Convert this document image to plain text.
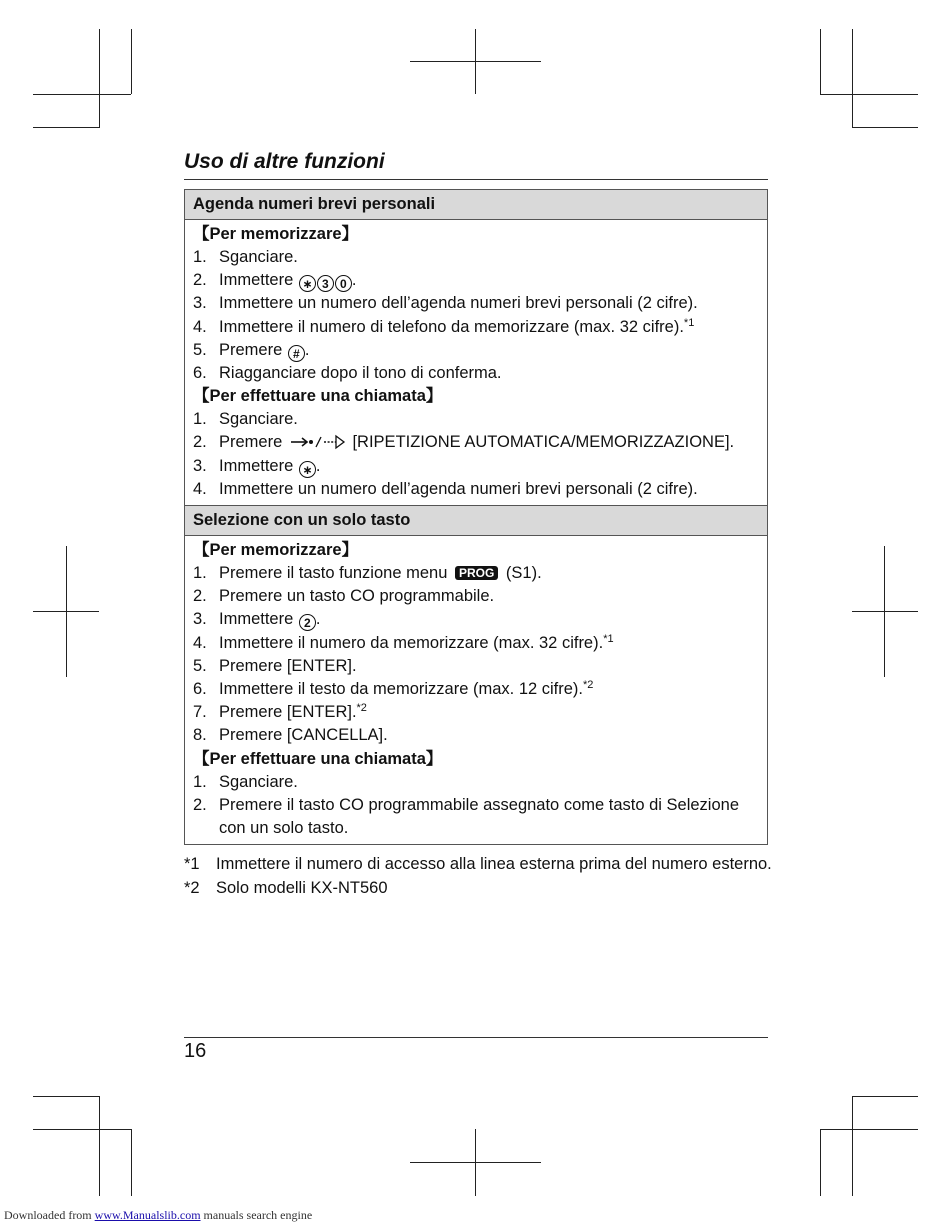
Uso di altre funzioni
Agenda numeri brevi personali
【Per memorizzare】
1. Sganciare.
2. Immettere ∗ 3 0 .
3. Immettere un numero dell’agenda numeri brevi personali (2 cifre).
4. Immettere il numero di telefono da memorizzare (max. 32 cifre).$^{*1}$
5. Premere # .
6. Riagganciare dopo il tono di conferma.
【Per effettuare una chiamata】
1. Sganciare.
2. Premere	[RIPETIZIONE AUTOMATICA/MEMORIZZAZIONE].
3. Immettere ∗ .
4. Immettere un numero dell’agenda numeri brevi personali (2 cifre).
Selezione con un solo tasto
【Per memorizzare】
1. Premere il tasto funzione menu PROG (S1).
2. Premere un tasto CO programmabile.
3. Immettere 2 .
4. Immettere il numero da memorizzare (max. 32 cifre).$^{*1}$
5. Premere [ENTER].
6. Immettere il testo da memorizzare (max. 12 cifre).$^{*2}$
7. Premere [ENTER].$^{*2}$
8. Premere [CANCELLA].
【Per effettuare una chiamata】
1. Sganciare.
2. Premere il tasto CO programmabile assegnato come tasto di Selezione con un solo tasto.
*1 Immettere il numero di accesso alla linea esterna prima del numero esterno.
*2 Solo modelli KX-NT560
16
Downloaded from www.Manualslib.com manuals search engine
